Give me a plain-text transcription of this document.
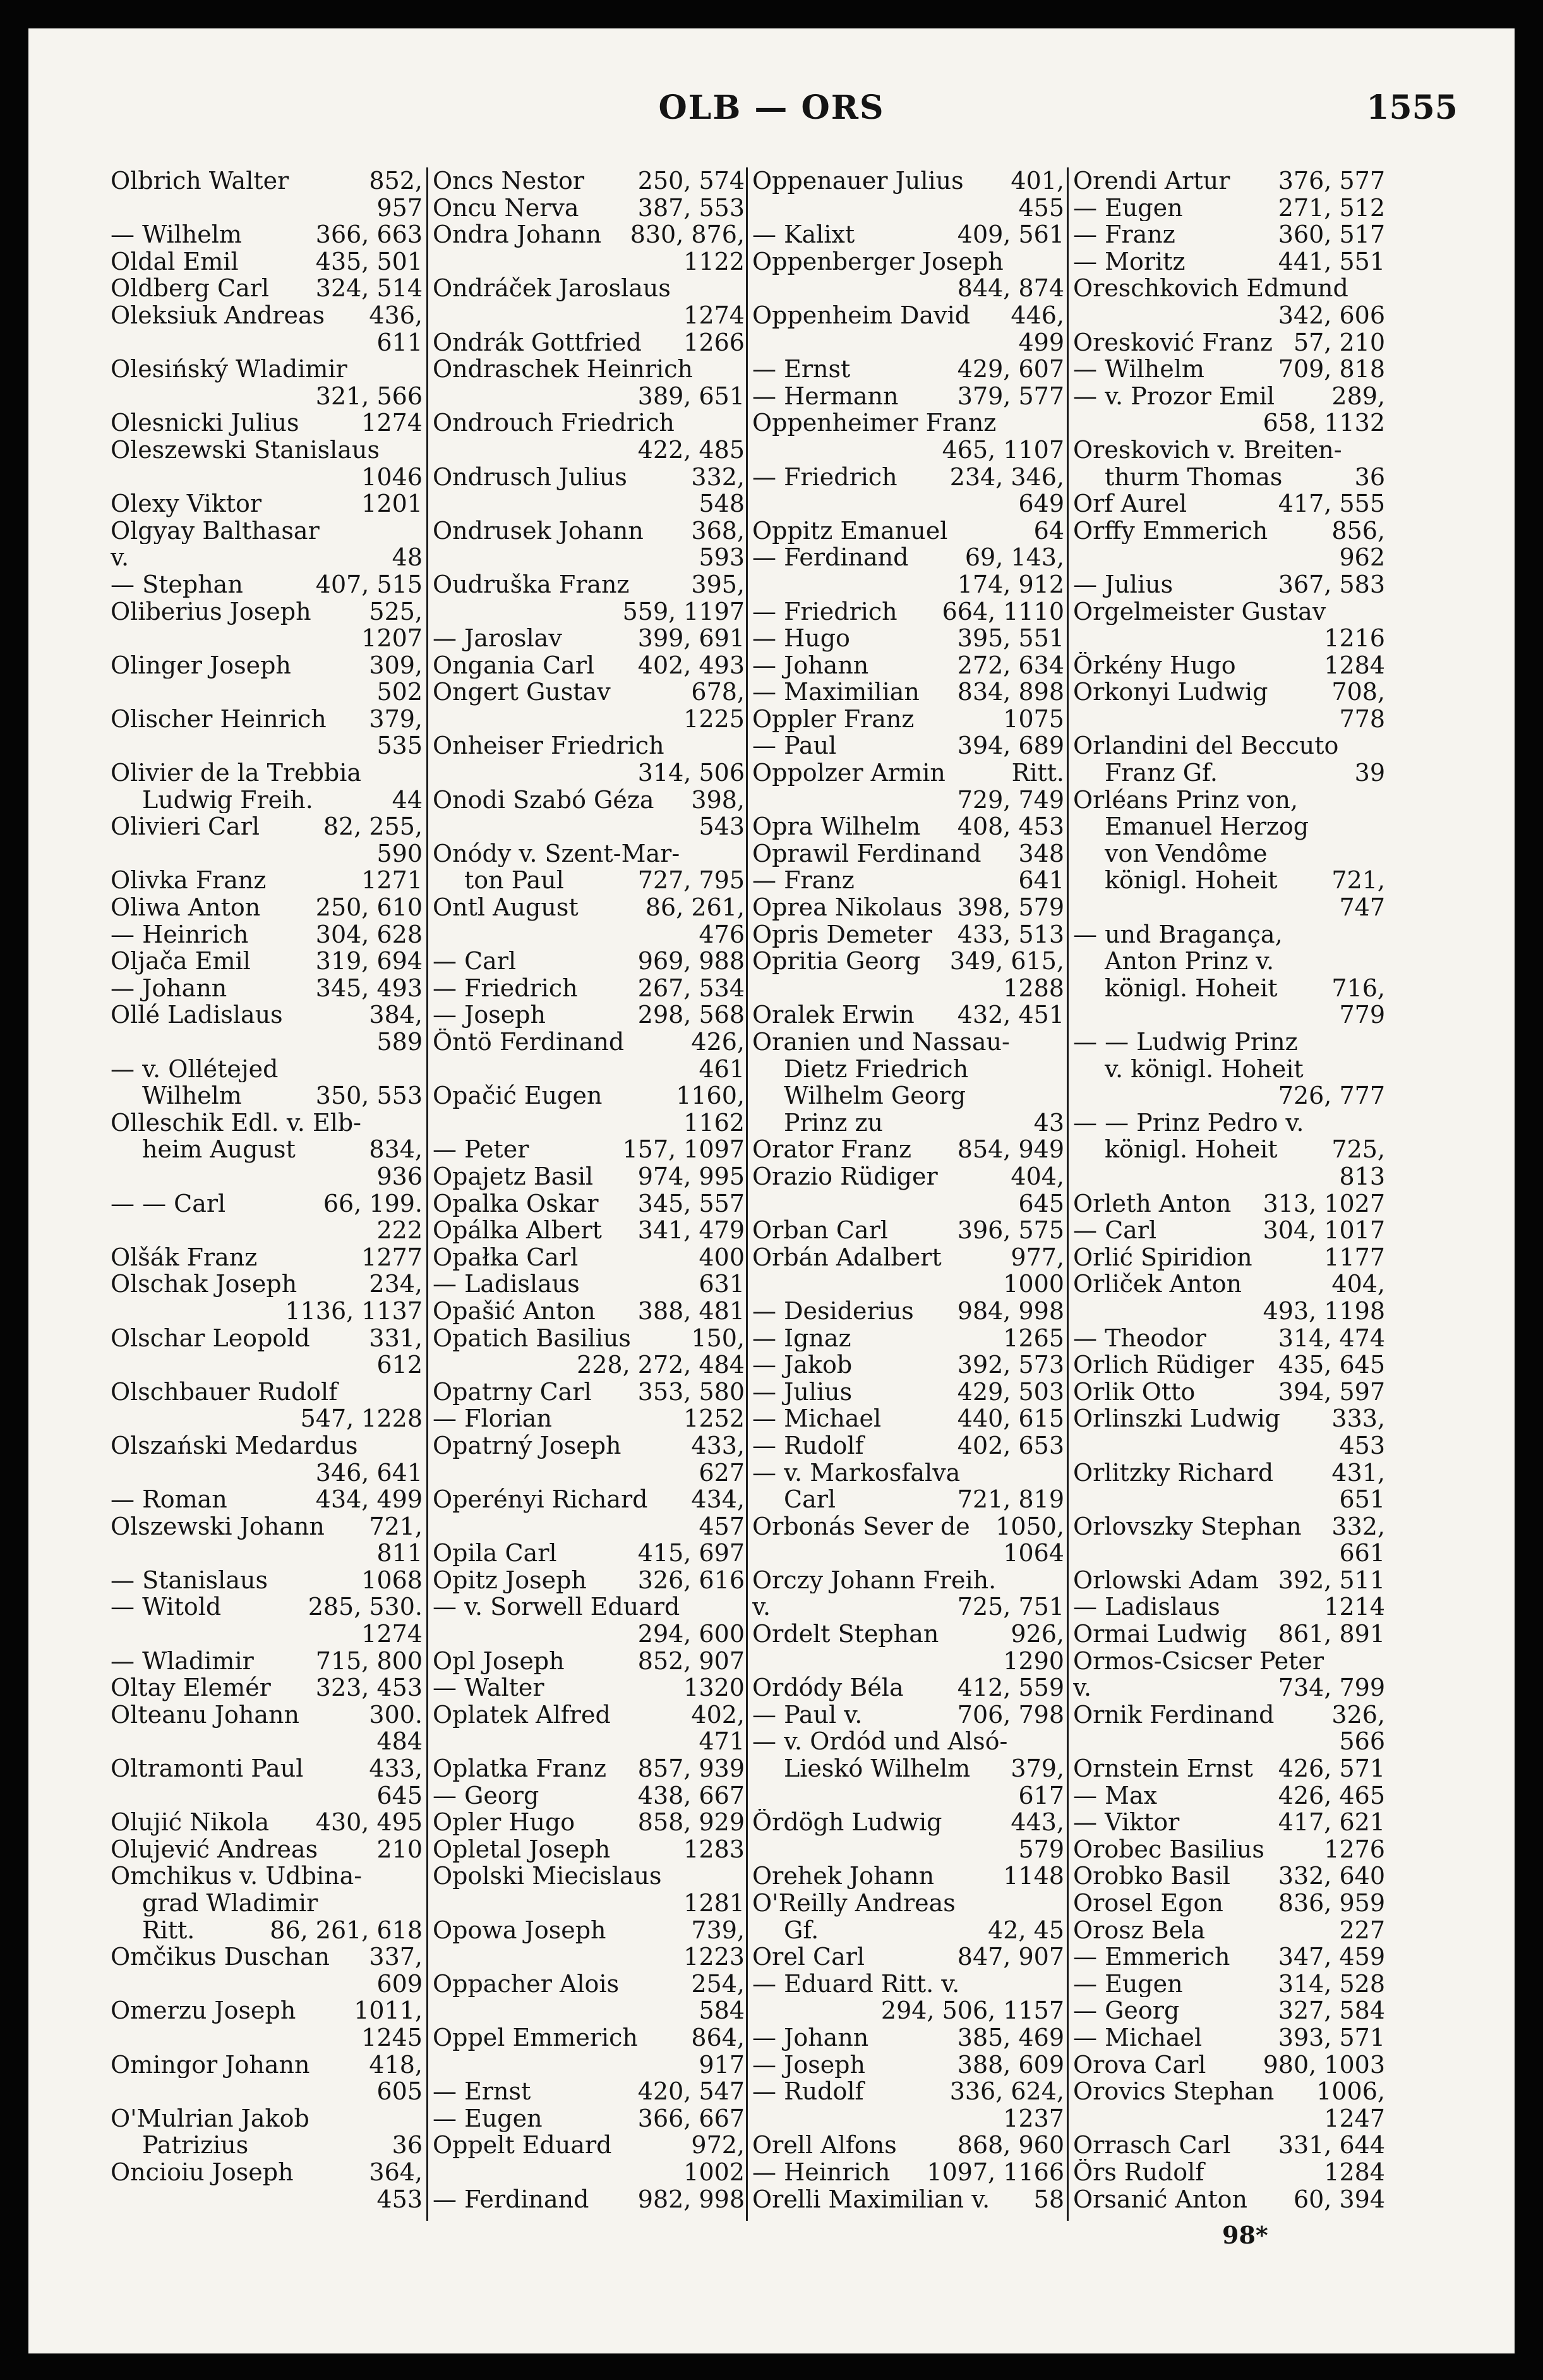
OLB — ORS	1555
Olbrich Walter	852,
957
— Wilhelm	366, 663
Oldal Emil	435, 501
Oldberg Carl 324, 514
Oleksiuk Andreas 436,
611
Olesińský Wladimir
321, 566
Olesnicki Julius	1274
Oleszewski Stanislaus
1046
Olexy Viktor	1201
Olgyay Balthasar
v.	48
— Stephan	407, 515
Oliberius Joseph 525,
1207
Olinger Joseph	309,
502
Olischer Heinrich 379,
535
Olivier de la Trebbia
Ludwig Freih.	44
Olivieri Carl	82, 255,
590
Olivka Franz	1271
Oliwa Anton 250, 610
— Heinrich	304, 628
Oljača Emil	319, 694
— Johann	345, 493
Ollé Ladislaus	384,
589
— v. Ollétejed
Wilhelm	350, 553
Olleschik Edl. v. Elb-
heim August	834,
936
— — Carl	66, 199.
222
Olšák Franz	1277
Olschak Joseph	234,
1136, 1137
Olschar Leopold 331,
612
Olschbauer Rudolf
547, 1228
Olszański Medardus
346, 641
— Roman	434, 499
Olszewski Johann 721,
811
— Stanislaus	1068
— Witold	285, 530.
1274
— Wladimir	715, 800
Oltay Elemér 323, 453
Olteanu Johann	300.
484
Oltramonti Paul	433,
645
Olujić Nikola 430, 495
Olujević Andreas 210
Omchikus v. Udbina-
grad Wladimir
Ritt.	86, 261, 618
Omčikus Duschan 337,
609
Omerzu Joseph 1011,
1245
Omingor Johann 418,
605
O'Mulrian Jakob
Patrizius	36
Oncioiu Joseph	364,
453
Oncs Nestor 250, 574
Oncu Nerva 387, 553
Ondra Johann 830, 876,
1122
Ondráček Jaroslaus
1274
Ondrák Gottfried 1266
Ondraschek Heinrich
389, 651
Ondrouch Friedrich
422, 485
Ondrusch Julius	332,
548
Ondrusek Johann 368,
593
Oudruška Franz	395,
559, 1197
— Jaroslav	399, 691
Ongania Carl 402, 493
Ongert Gustav	678,
1225
Onheiser Friedrich
314, 506
Onodi Szabó Géza 398,
543
Onódy v. Szent-Mar-
ton Paul	727, 795
Ontl August	86, 261,
476
— Carl	969, 988
— Friedrich	267, 534
— Joseph	298, 568
Öntö Ferdinand	426,
461
Opačić Eugen	1160,
1162
— Peter	157, 1097
Opajetz Basil 974, 995
Opalka Oskar 345, 557
Opálka Albert 341, 479
Opałka Carl	400
— Ladislaus	631
Opašić Anton 388, 481
Opatich Basilius	150,
228, 272, 484
Opatrny Carl 353, 580
— Florian	1252
Opatrný Joseph	433,
627
Operényi Richard 434,
457
Opila Carl	415, 697
Opitz Joseph 326, 616
— v. Sorwell Eduard
294, 600
Opl Joseph	852, 907
— Walter	1320
Oplatek Alfred	402,
471
Oplatka Franz 857, 939
— Georg	438, 667
Opler Hugo	858, 929
Opletal Joseph	1283
Opolski Miecislaus
1281
Opowa Joseph	739,
1223
Oppacher Alois	254,
584
Oppel Emmerich 864,
917
— Ernst	420, 547
— Eugen	366, 667
Oppelt Eduard	972,
1002
— Ferdinand 982, 998
Oppenauer Julius 401,
455
— Kalixt	409, 561
Oppenberger Joseph
844, 874
Oppenheim David 446,
499
— Ernst	429, 607
— Hermann 379, 577
Oppenheimer Franz
465, 1107
— Friedrich 234, 346,
649
Oppitz Emanuel	64
— Ferdinand 69, 143,
174, 912
— Friedrich 664, 1110
— Hugo	395, 551
— Johann	272, 634
— Maximilian 834, 898
Oppler Franz	1075
— Paul	394, 689
Oppolzer Armin	Ritt.
729, 749
Opra Wilhelm 408, 453
Oprawil Ferdinand 348
— Franz	641
Oprea Nikolaus 398, 579
Opris Demeter 433, 513
Opritia Georg 349, 615,
1288
Oralek Erwin 432, 451
Oranien und Nassau-
Dietz Friedrich
Wilhelm Georg
Prinz zu	43
Orator Franz 854, 949
Orazio Rüdiger	404,
645
Orban Carl	396, 575
Orbán Adalbert	977,
1000
— Desiderius 984, 998
— Ignaz	1265
— Jakob	392, 573
— Julius	429, 503
— Michael	440, 615
— Rudolf	402, 653
— v. Markosfalva
Carl	721, 819
Orbonás Sever de 1050,
1064
Orczy Johann Freih.
v.	725, 751
Ordelt Stephan	926,
1290
Ordódy Béla 412, 559
— Paul v.	706, 798
— v. Ordód und Alsó-
Lieskó Wilhelm 379,
617
Ördögh Ludwig	443,
579
Orehek Johann	1148
O'Reilly Andreas
Gf.	42, 45
Orel Carl	847, 907
— Eduard Ritt. v.
294, 506, 1157
— Johann	385, 469
— Joseph	388, 609
— Rudolf	336, 624,
1237
Orell Alfons	868, 960
— Heinrich 1097, 1166
Orelli Maximilian v. 58
Orendi Artur 376, 577
— Eugen	271, 512
— Franz	360, 517
— Moritz	441, 551
Oreschkovich Edmund
342, 606
Oresković Franz 57, 210
— Wilhelm	709, 818
— v. Prozor Emil 289,
658, 1132
Oreskovich v. Breiten-
thurm Thomas	36
Orf Aurel	417, 555
Orffy Emmerich	856,
962
— Julius	367, 583
Orgelmeister Gustav
1216
Örkény Hugo	1284
Orkonyi Ludwig	708,
778
Orlandini del Beccuto
Franz Gf.	39
Orléans Prinz von,
Emanuel Herzog
von Vendôme
königl. Hoheit 721,
747
— und Bragança,
Anton Prinz v.
königl. Hoheit 716,
779
— — Ludwig Prinz
v. königl. Hoheit
726, 777
— — Prinz Pedro v.
königl. Hoheit 725,
813
Orleth Anton 313, 1027
— Carl	304, 1017
Orlić Spiridion	1177
Orliček Anton	404,
493, 1198
— Theodor	314, 474
Orlich Rüdiger 435, 645
Orlik Otto	394, 597
Orlinszki Ludwig 333,
453
Orlitzky Richard 431,
651
Orlovszky Stephan 332,
661
Orlowski Adam 392, 511
— Ladislaus	1214
Ormai Ludwig 861, 891
Ormos-Csicser Peter
v.	734, 799
Ornik Ferdinand 326,
566
Ornstein Ernst 426, 571
— Max	426, 465
— Viktor	417, 621
Orobec Basilius 1276
Orobko Basil 332, 640
Orosel Egon 836, 959
Orosz Bela	227
— Emmerich 347, 459
— Eugen	314, 528
— Georg	327, 584
— Michael	393, 571
Orova Carl 980, 1003
Orovics Stephan 1006,
1247
Orrasch Carl 331, 644
Örs Rudolf	1284
Orsanić Anton 60, 394
98*
